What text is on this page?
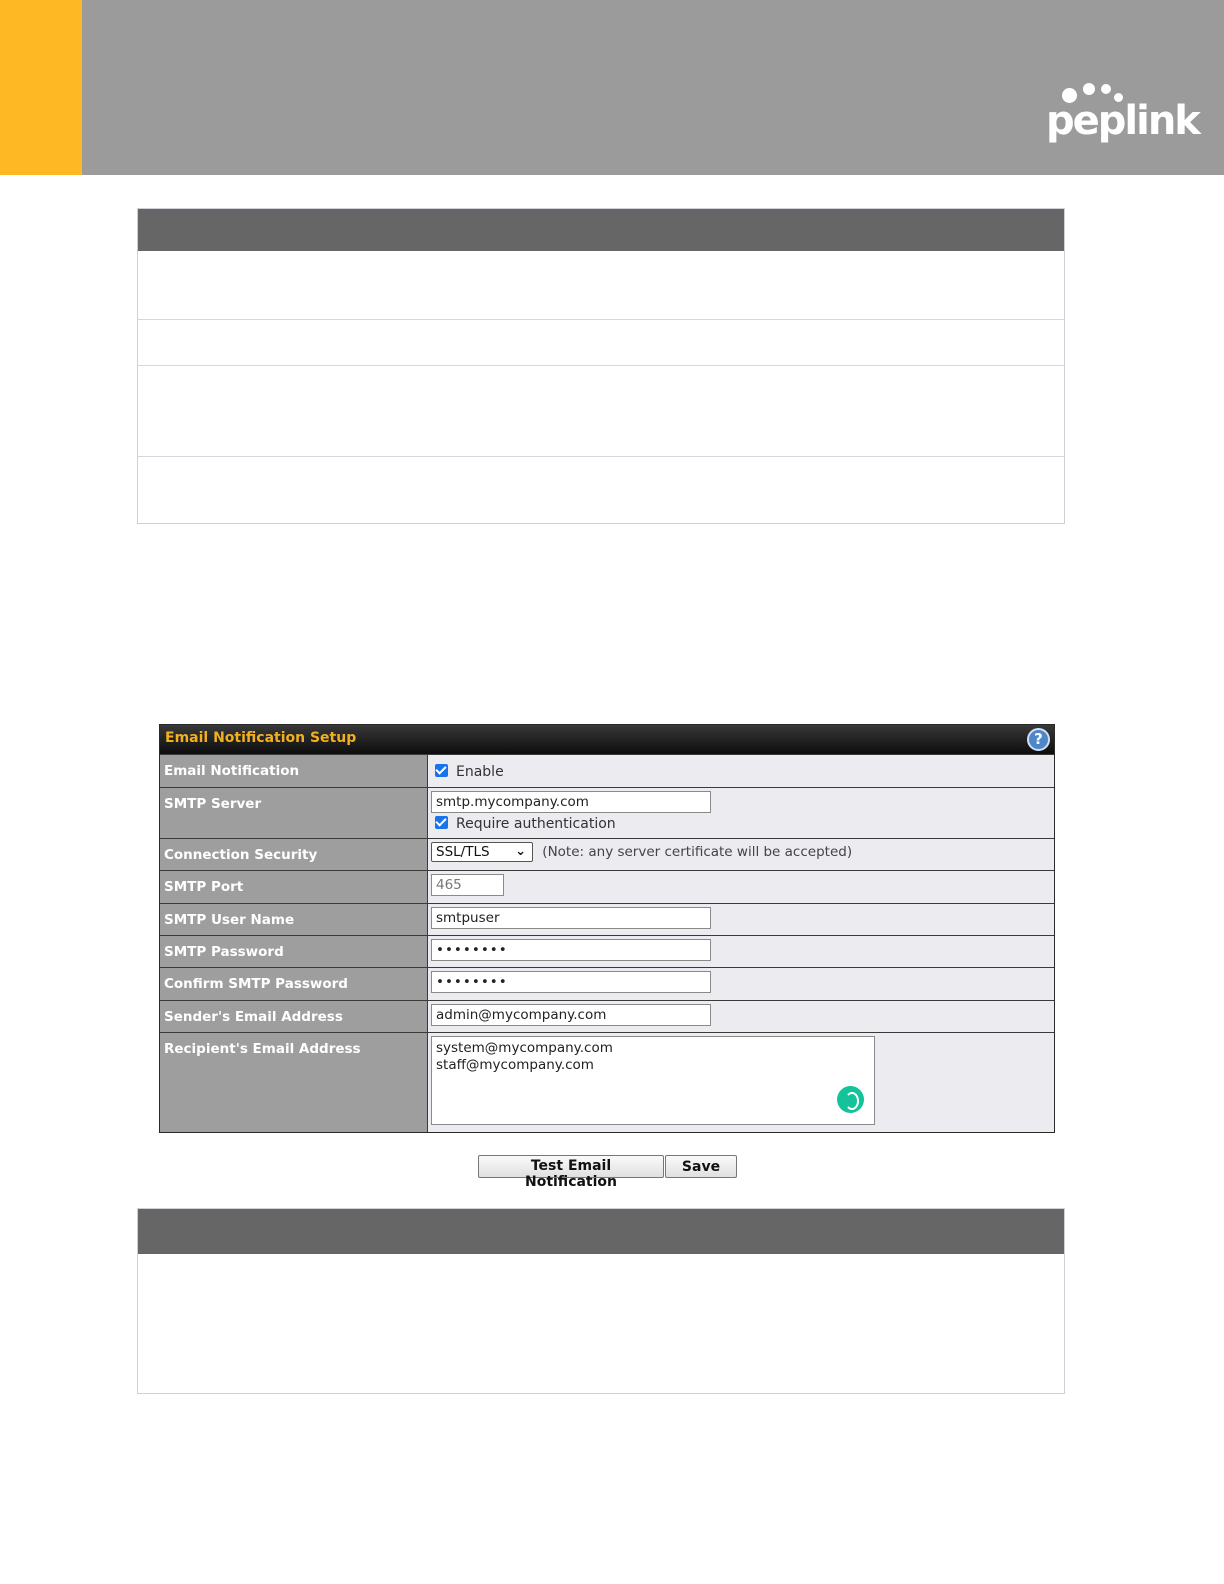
peplink
Email Notification Setup	?
Email Notification	Enable
SMTP Server	smtp.mycompany.com
Require authentication
Connection Security	SSL/TLS ⌄ (Note: any server certificate will be accepted)
SMTP Port	465
SMTP User Name	smtpuser
SMTP Password	••••••••
Confirm SMTP Password	••••••••
Sender's Email Address	admin@mycompany.com
Recipient's Email Address	system@mycompany.com
staff@mycompany.com
Test Email Notification
Save
